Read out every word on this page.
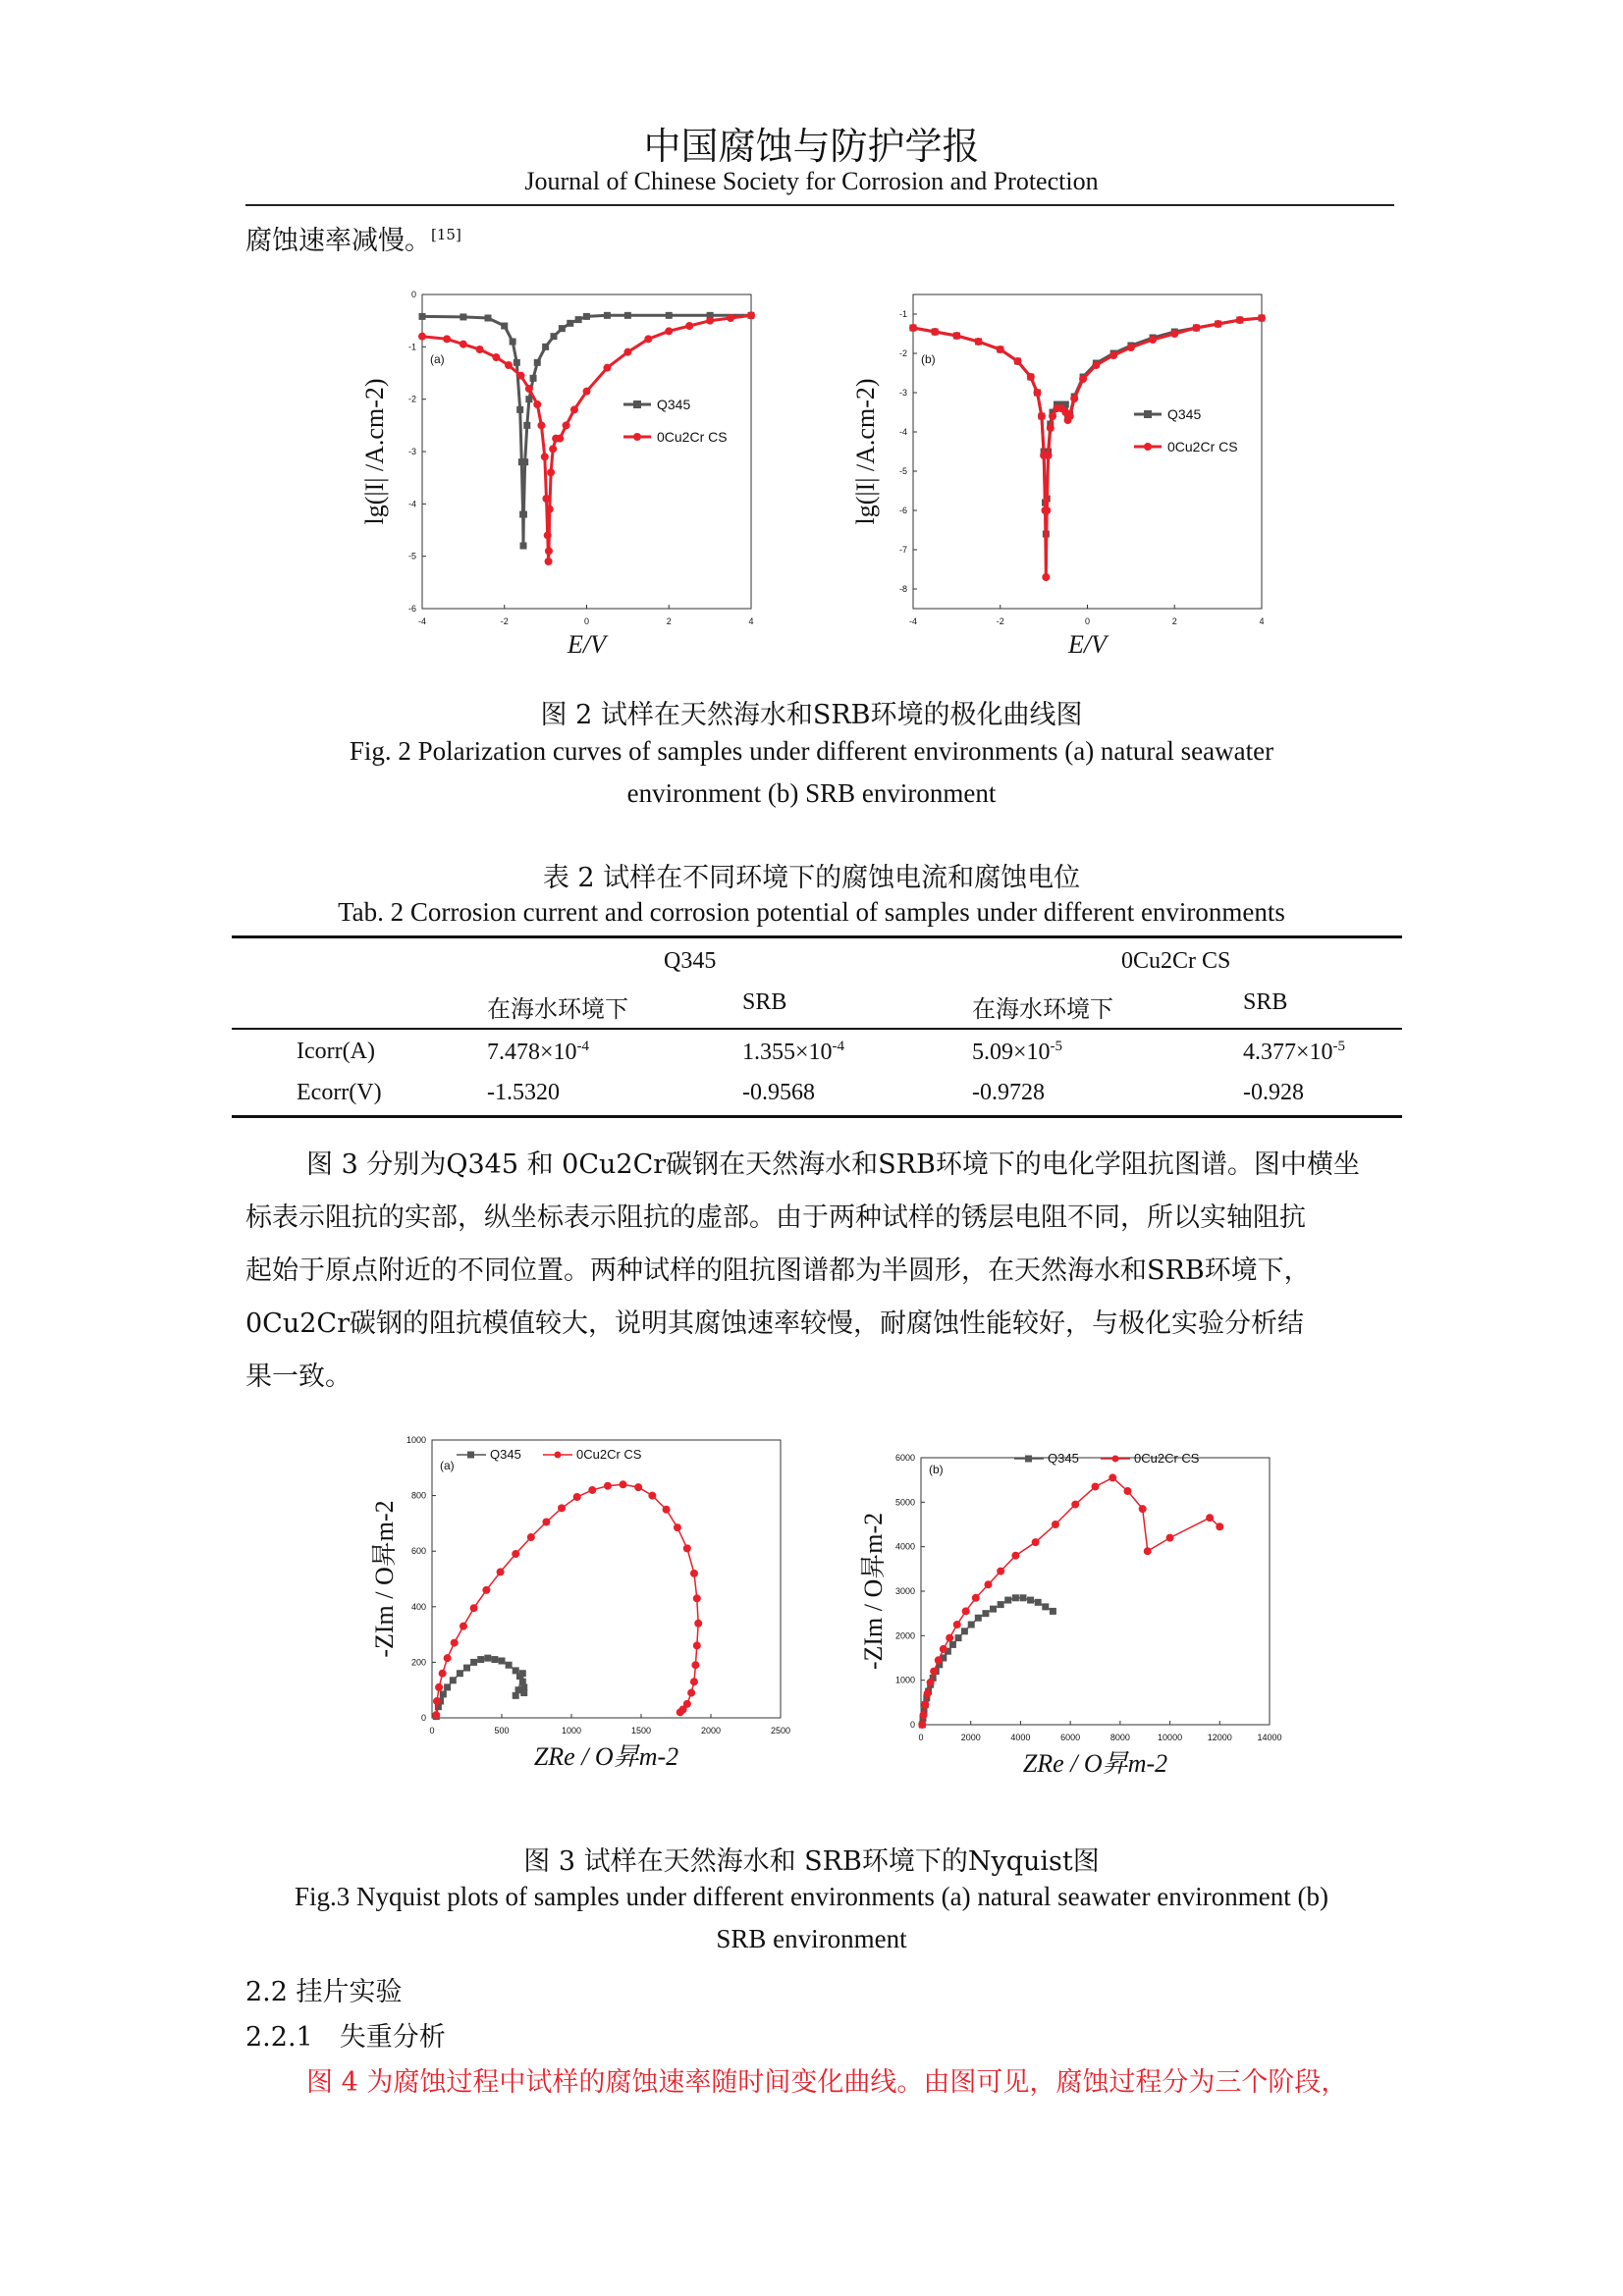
中国腐蚀与防护学报
Journal of Chinese Society for Corrosion and Protection
腐蚀速率减慢。[15]
-4	-2	0	2	4
0
-1
-2
-3
-4
-5
-6
E/V
lg(|I| /A.cm-2)
(a)
Q345
0Cu2Cr CS
-4	-2	0	2	4
-1
-2
-3
-4
-5
-6
-7
-8
E/V
lg(|I| /A.cm-2)
(b)
Q345
0Cu2Cr CS
图 2 试样在天然海水和SRB环境的极化曲线图
Fig. 2 Polarization curves of samples under different environments (a) natural seawater
environment (b) SRB environment
表 2 试样在不同环境下的腐蚀电流和腐蚀电位
Tab. 2 Corrosion current and corrosion potential of samples under different environments
Q345	0Cu2Cr CS
在海水环境下	SRB	在海水环境下	SRB
Icorr(A)	$7.478\times 10^{-4}$	$1.355\times 10^{-4}$	$5.09\times 10^{-5}$	$4.377\times 10^{-5}$
Ecorr(V)	-1.5320	-0.9568	-0.9728	-0.928
图 3 分别为Q345 和 0Cu2Cr碳钢在天然海水和SRB环境下的电化学阻抗图谱。图中横坐
标表示阻抗的实部，纵坐标表示阻抗的虚部。由于两种试样的锈层电阻不同，所以实轴阻抗
起始于原点附近的不同位置。两种试样的阻抗图谱都为半圆形，在天然海水和SRB环境下，
0Cu2Cr碳钢的阻抗模值较大，说明其腐蚀速率较慢，耐腐蚀性能较好，与极化实验分析结
果一致。
0	500	1000	1500	2000	2500
0
200
400
600
800
1000
ZRe / O昇m-2
-ZIm / O昇m-2
(a)
Q345	0Cu2Cr CS
0	2000	4000	6000	8000	10000	12000	14000
0
1000
2000
3000
4000
5000
6000
ZRe / O昇m-2
-ZIm / O昇m-2
(b)
Q345	0Cu2Cr CS
图 3 试样在天然海水和 SRB环境下的Nyquist图
Fig.3 Nyquist plots of samples under different environments (a) natural seawater environment (b)
SRB environment
2.2 挂片实验
2.2.1　失重分析
图 4 为腐蚀过程中试样的腐蚀速率随时间变化曲线。由图可见，腐蚀过程分为三个阶段，
